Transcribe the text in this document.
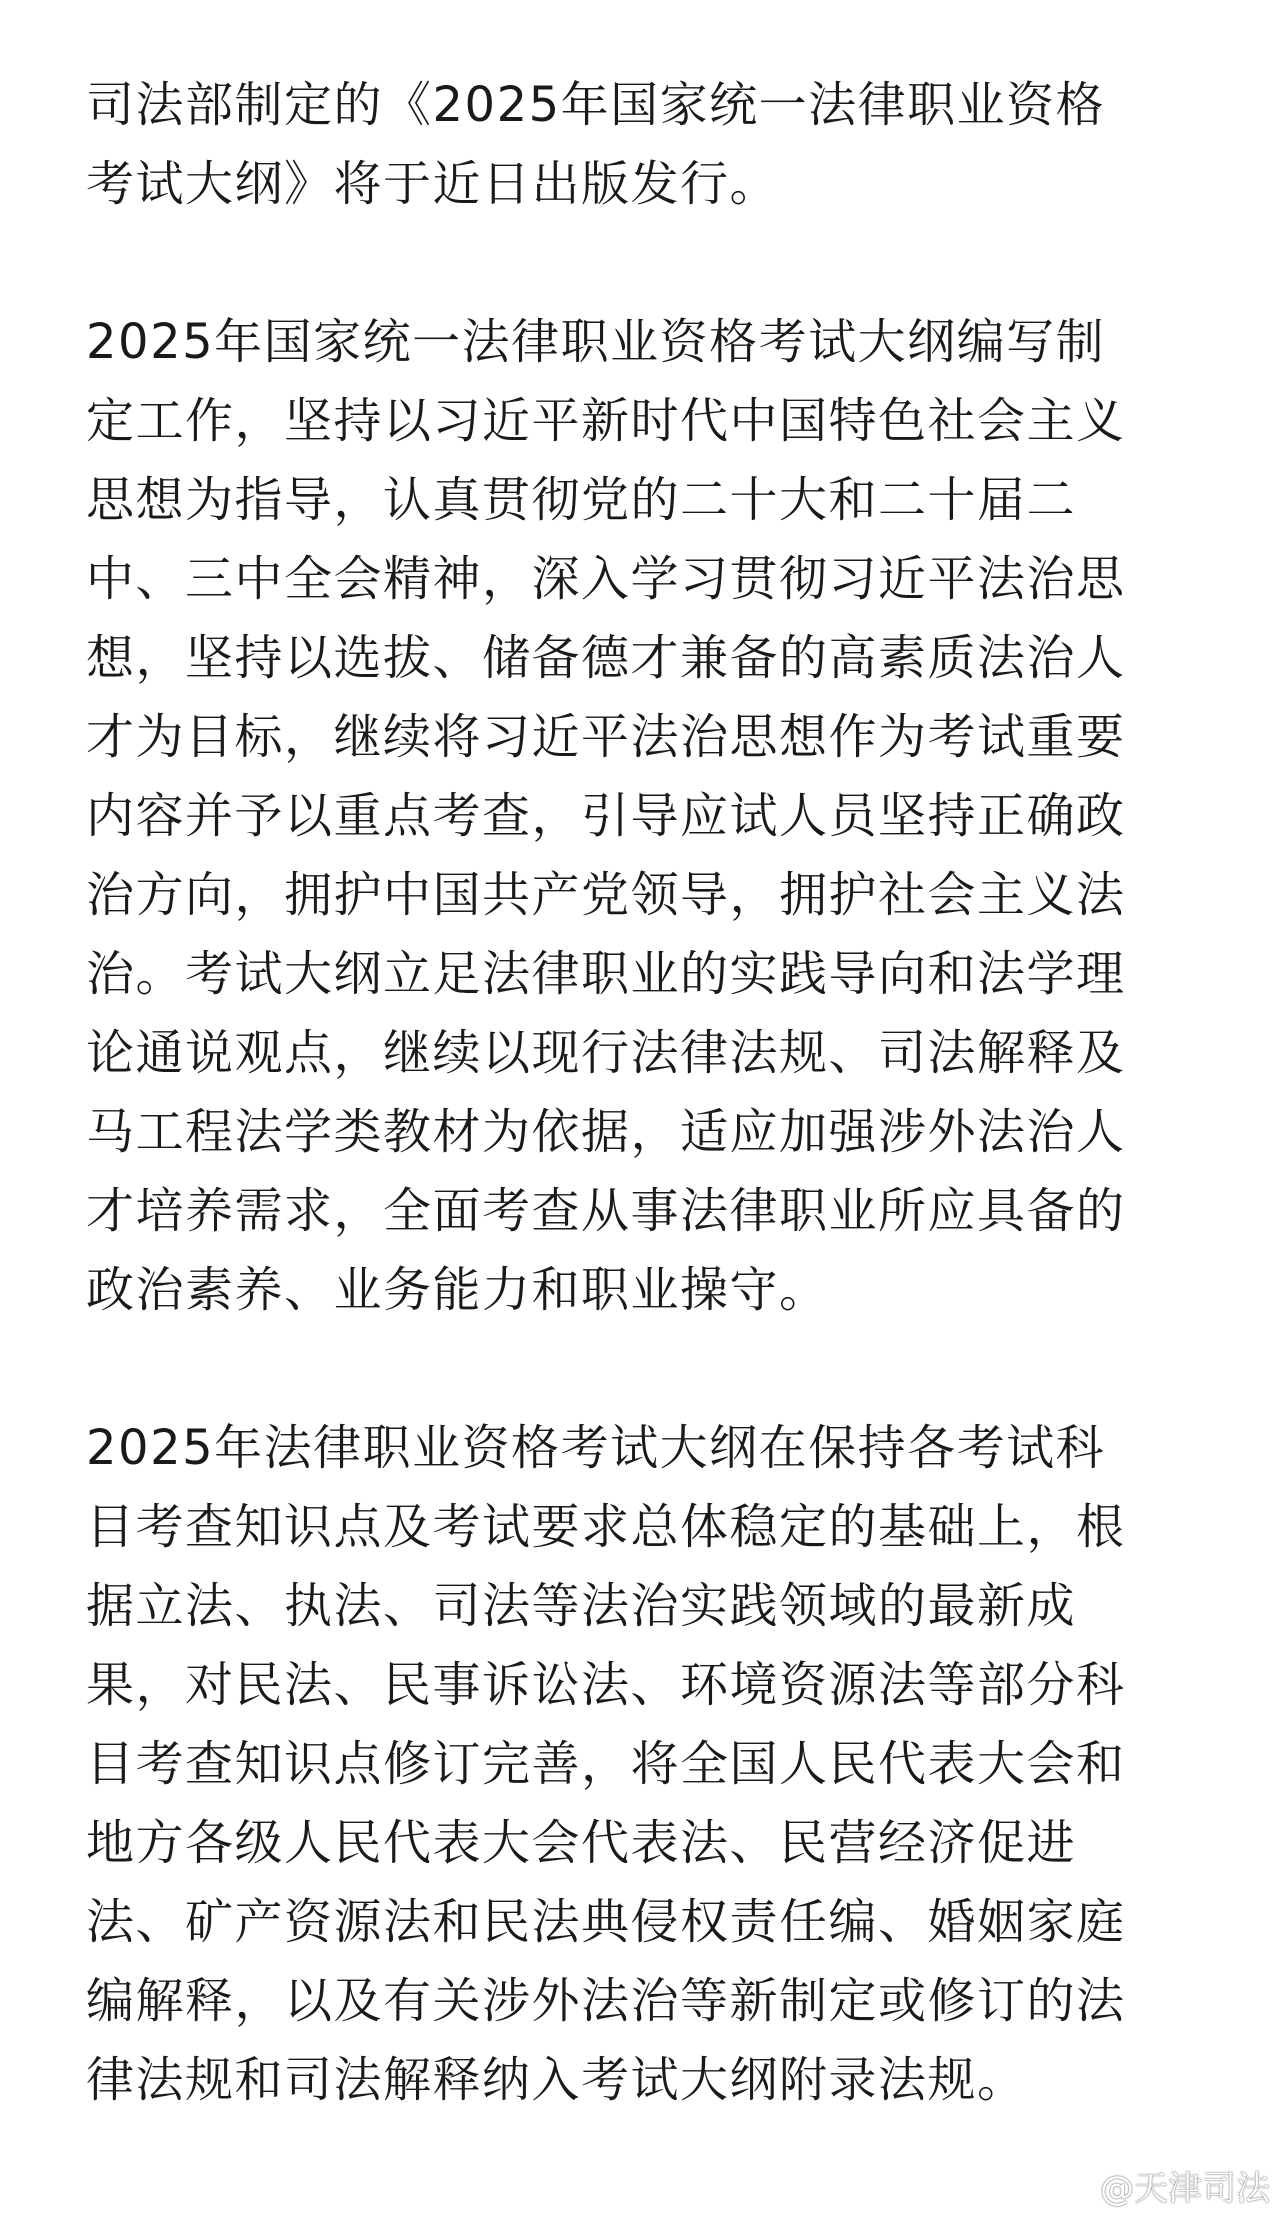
司法部制定的《2025年国家统一法律职业资格
考试大纲》将于近日出版发行。

2025年国家统一法律职业资格考试大纲编写制
定工作，坚持以习近平新时代中国特色社会主义
思想为指导，认真贯彻党的二十大和二十届二
中、三中全会精神，深入学习贯彻习近平法治思
想，坚持以选拔、储备德才兼备的高素质法治人
才为目标，继续将习近平法治思想作为考试重要
内容并予以重点考查，引导应试人员坚持正确政
治方向，拥护中国共产党领导，拥护社会主义法
治。考试大纲立足法律职业的实践导向和法学理
论通说观点，继续以现行法律法规、司法解释及
马工程法学类教材为依据，适应加强涉外法治人
才培养需求，全面考查从事法律职业所应具备的
政治素养、业务能力和职业操守。

2025年法律职业资格考试大纲在保持各考试科
目考查知识点及考试要求总体稳定的基础上，根
据立法、执法、司法等法治实践领域的最新成
果，对民法、民事诉讼法、环境资源法等部分科
目考查知识点修订完善，将全国人民代表大会和
地方各级人民代表大会代表法、民营经济促进
法、矿产资源法和民法典侵权责任编、婚姻家庭
编解释，以及有关涉外法治等新制定或修订的法
律法规和司法解释纳入考试大纲附录法规。

@天津司法
